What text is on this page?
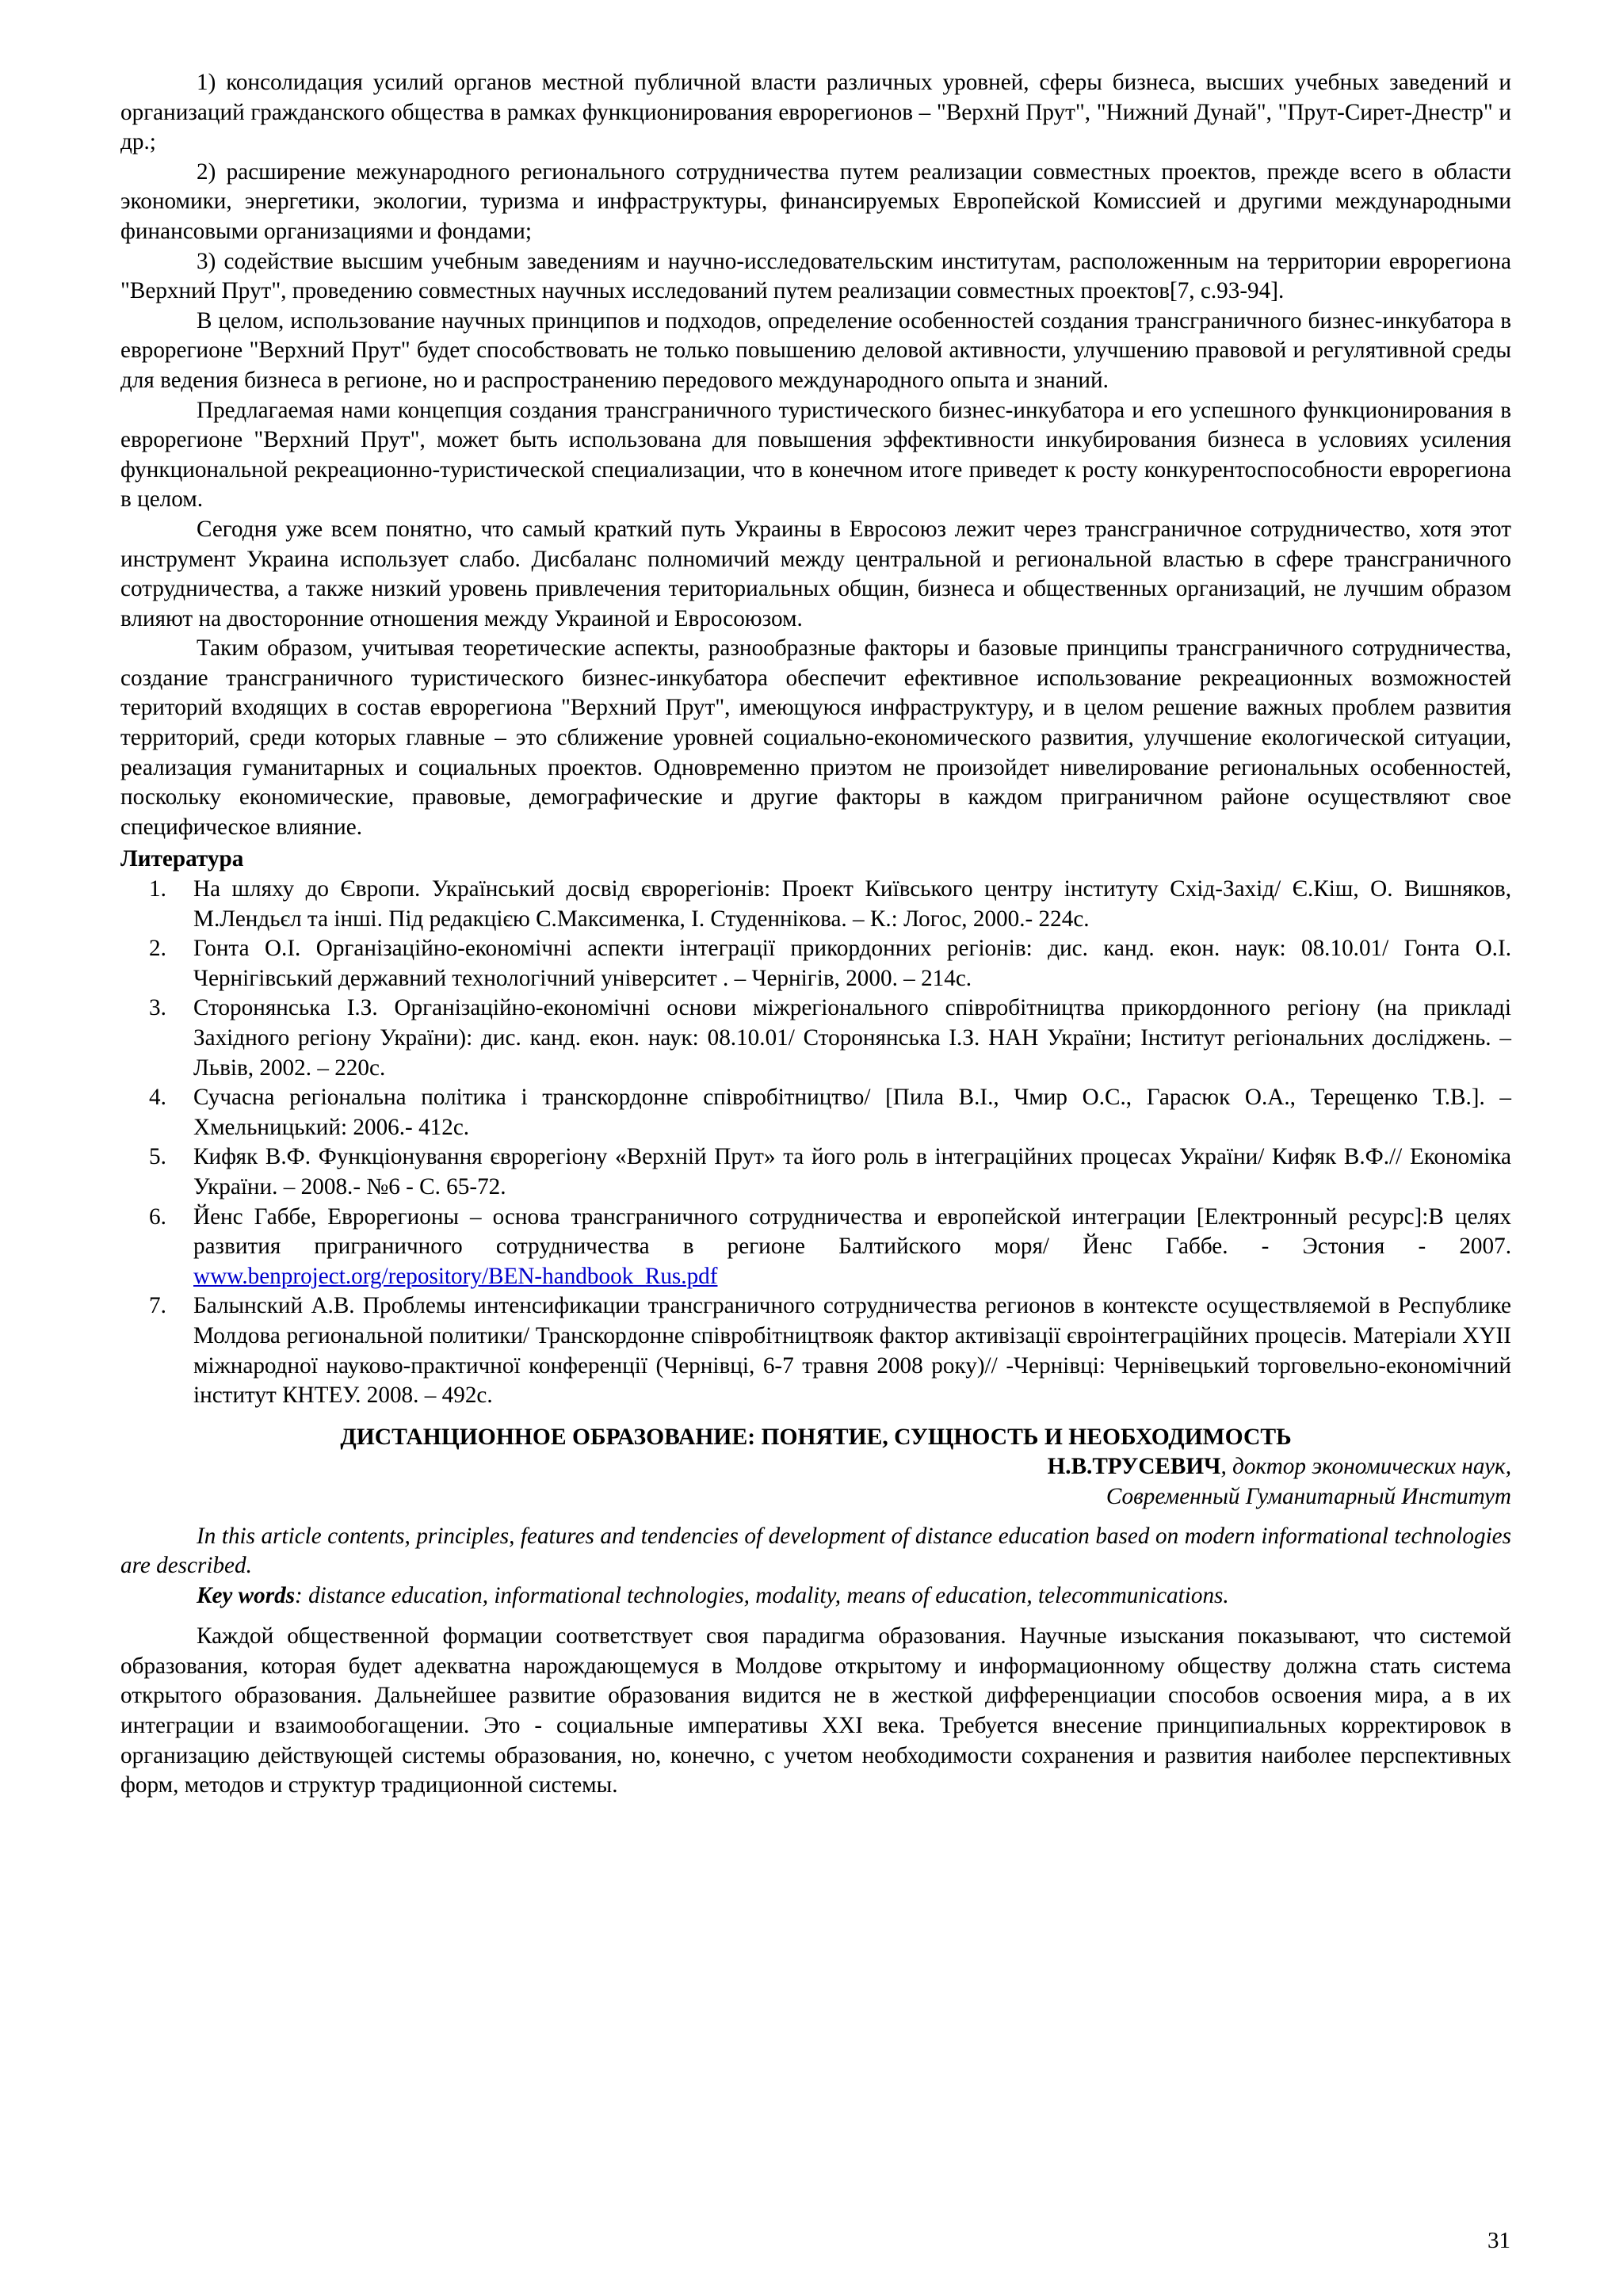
1) консолидация усилий органов местной публичной власти различных уровней, сферы бизнеса, высших учебных заведений и организаций гражданского общества в рамках функционирования еврорегионов – "Верхнй Прут", "Нижний Дунай", "Прут-Сирет-Днестр" и др.;

2) расширение межународного регионального сотрудничества путем реализации совместных проектов, прежде всего в области экономики, энергетики, экологии, туризма и инфраструктуры, финансируемых Европейской Комиссией и другими международными финансовыми организациями и фондами;

3) содействие высшим учебным заведениям и научно-исследовательским институтам, расположенным на территории еврорегиона "Верхний Прут", проведению совместных научных исследований путем реализации совместных проектов[7, с.93-94].

В целом, использование научных принципов и подходов, определение особенностей создания трансграничного бизнес-инкубатора в еврорегионе "Верхний Прут" будет способствовать не только повышению деловой активности, улучшению правовой и регулятивной среды для ведения бизнеса в регионе, но и распространению передового международного опыта и знаний.

Предлагаемая нами концепция создания трансграничного туристического бизнес-инкубатора и его успешного функционирования в еврорегионе "Верхний Прут", может быть использована для повышения эффективности инкубирования бизнеса в условиях усиления функциональной рекреационно-туристической специализации, что в конечном итоге приведет к росту конкурентоспособности еврорегиона в целом.

Сегодня уже всем понятно, что самый краткий путь Украины в Евросоюз лежит через трансграничное сотрудничество, хотя этот инструмент Украина использует слабо. Дисбаланс полномичий между центральной и региональной властью в сфере трансграничного сотрудничества, а также низкий уровень привлечения териториальных общин, бизнеса и общественных организаций, не лучшим образом влияют на двосторонние отношения между Украиной и Евросоюзом.

Таким образом, учитывая теоретические аспекты, разнообразные факторы и базовые принципы трансграничного сотрудничества, создание трансграничного туристического бизнес-инкубатора обеспечит ефективное использование рекреационных возможностей територий входящих в состав еврорегиона "Верхний Прут", имеющуюся инфраструктуру, и в целом решение важных проблем развития территорий, среди которых главные – это сближение уровней социально-економического развития, улучшение екологической ситуации, реализация гуманитарных и социальных проектов. Одновременно приэтом не произойдет нивелирование региональных особенностей, поскольку економические, правовые, демографические и другие факторы в каждом приграничном районе осуществляют свое специфическое влияние.

Литература

1. На шляху до Європи. Український досвід єврорегіонів: Проект Київського центру інституту Схід-Захід/ Є.Кіш, О. Вишняков, М.Лендьєл та інші. Під редакцією С.Максименка, І. Студеннікова. – К.: Логос, 2000.- 224с.
2. Гонта О.І. Організаційно-економічні аспекти інтеграції прикордонних регіонів: дис. канд. екон. наук: 08.10.01/ Гонта О.І. Чернігівський державний технологічний університет . – Чернігів, 2000. – 214с.
3. Сторонянська І.З. Організаційно-економічні основи міжрегіонального співробітництва прикордонного регіону (на прикладі Західного регіону України): дис. канд. екон. наук: 08.10.01/ Сторонянська І.З. НАН України; Інститут регіональних досліджень. – Львів, 2002. – 220с.
4. Сучасна регіональна політика і транскордонне співробітництво/ [Пила В.І., Чмир О.С., Гарасюк О.А., Терещенко Т.В.]. – Хмельницький: 2006.- 412с.
5. Кифяк В.Ф. Функціонування єврорегіону «Верхній Прут» та його роль в інтеграційних процесах України/ Кифяк В.Ф.// Економіка України. – 2008.- №6 - С. 65-72.
6. Йенс Габбе, Еврорегионы – основа трансграничного сотрудничества и европейской интеграции [Електронный ресурс]:В целях развития приграничного сотрудничества в регионе Балтийского моря/ Йенс Габбе. - Эстония - 2007. www.benproject.org/repository/BEN-handbook_Rus.pdf
7. Балынский А.В. Проблемы интенсификации трансграничного сотрудничества регионов в контексте осуществляемой в Республике Молдова региональной политики/ Транскордонне співробітництвояк фактор активізації євроінтеграційних процесів. Матеріали XYII міжнародної науково-практичної конференції (Чернівці, 6-7 травня 2008 року)// -Чернівці: Чернівецький торговельно-економічний інститут КНТЕУ. 2008. – 492с.

ДИСТАНЦИОННОЕ ОБРАЗОВАНИЕ: ПОНЯТИЕ, СУЩНОСТЬ И НЕОБХОДИМОСТЬ

Н.В.ТРУСЕВИЧ, доктор экономических наук,

Современный Гуманитарный Институт

In this article contents, principles, features and tendencies of development of distance education based on modern informational technologies are described.

Key words: distance education, informational technologies, modality, means of education, telecommunications.

Каждой общественной формации соответствует своя парадигма образования. Научные изыскания показывают, что системой образования, которая будет адекватна нарождающемуся в Молдове открытому и информационному обществу должна стать система открытого образования. Дальнейшее развитие образования видится не в жесткой дифференциации способов освоения мира, а в их интеграции и взаимообогащении. Это - социальные императивы XXI века. Требуется внесение принципиальных корректировок в организацию действующей системы образования, но, конечно, с учетом необходимости сохранения и развития наиболее перспективных форм, методов и структур традиционной системы.

31
